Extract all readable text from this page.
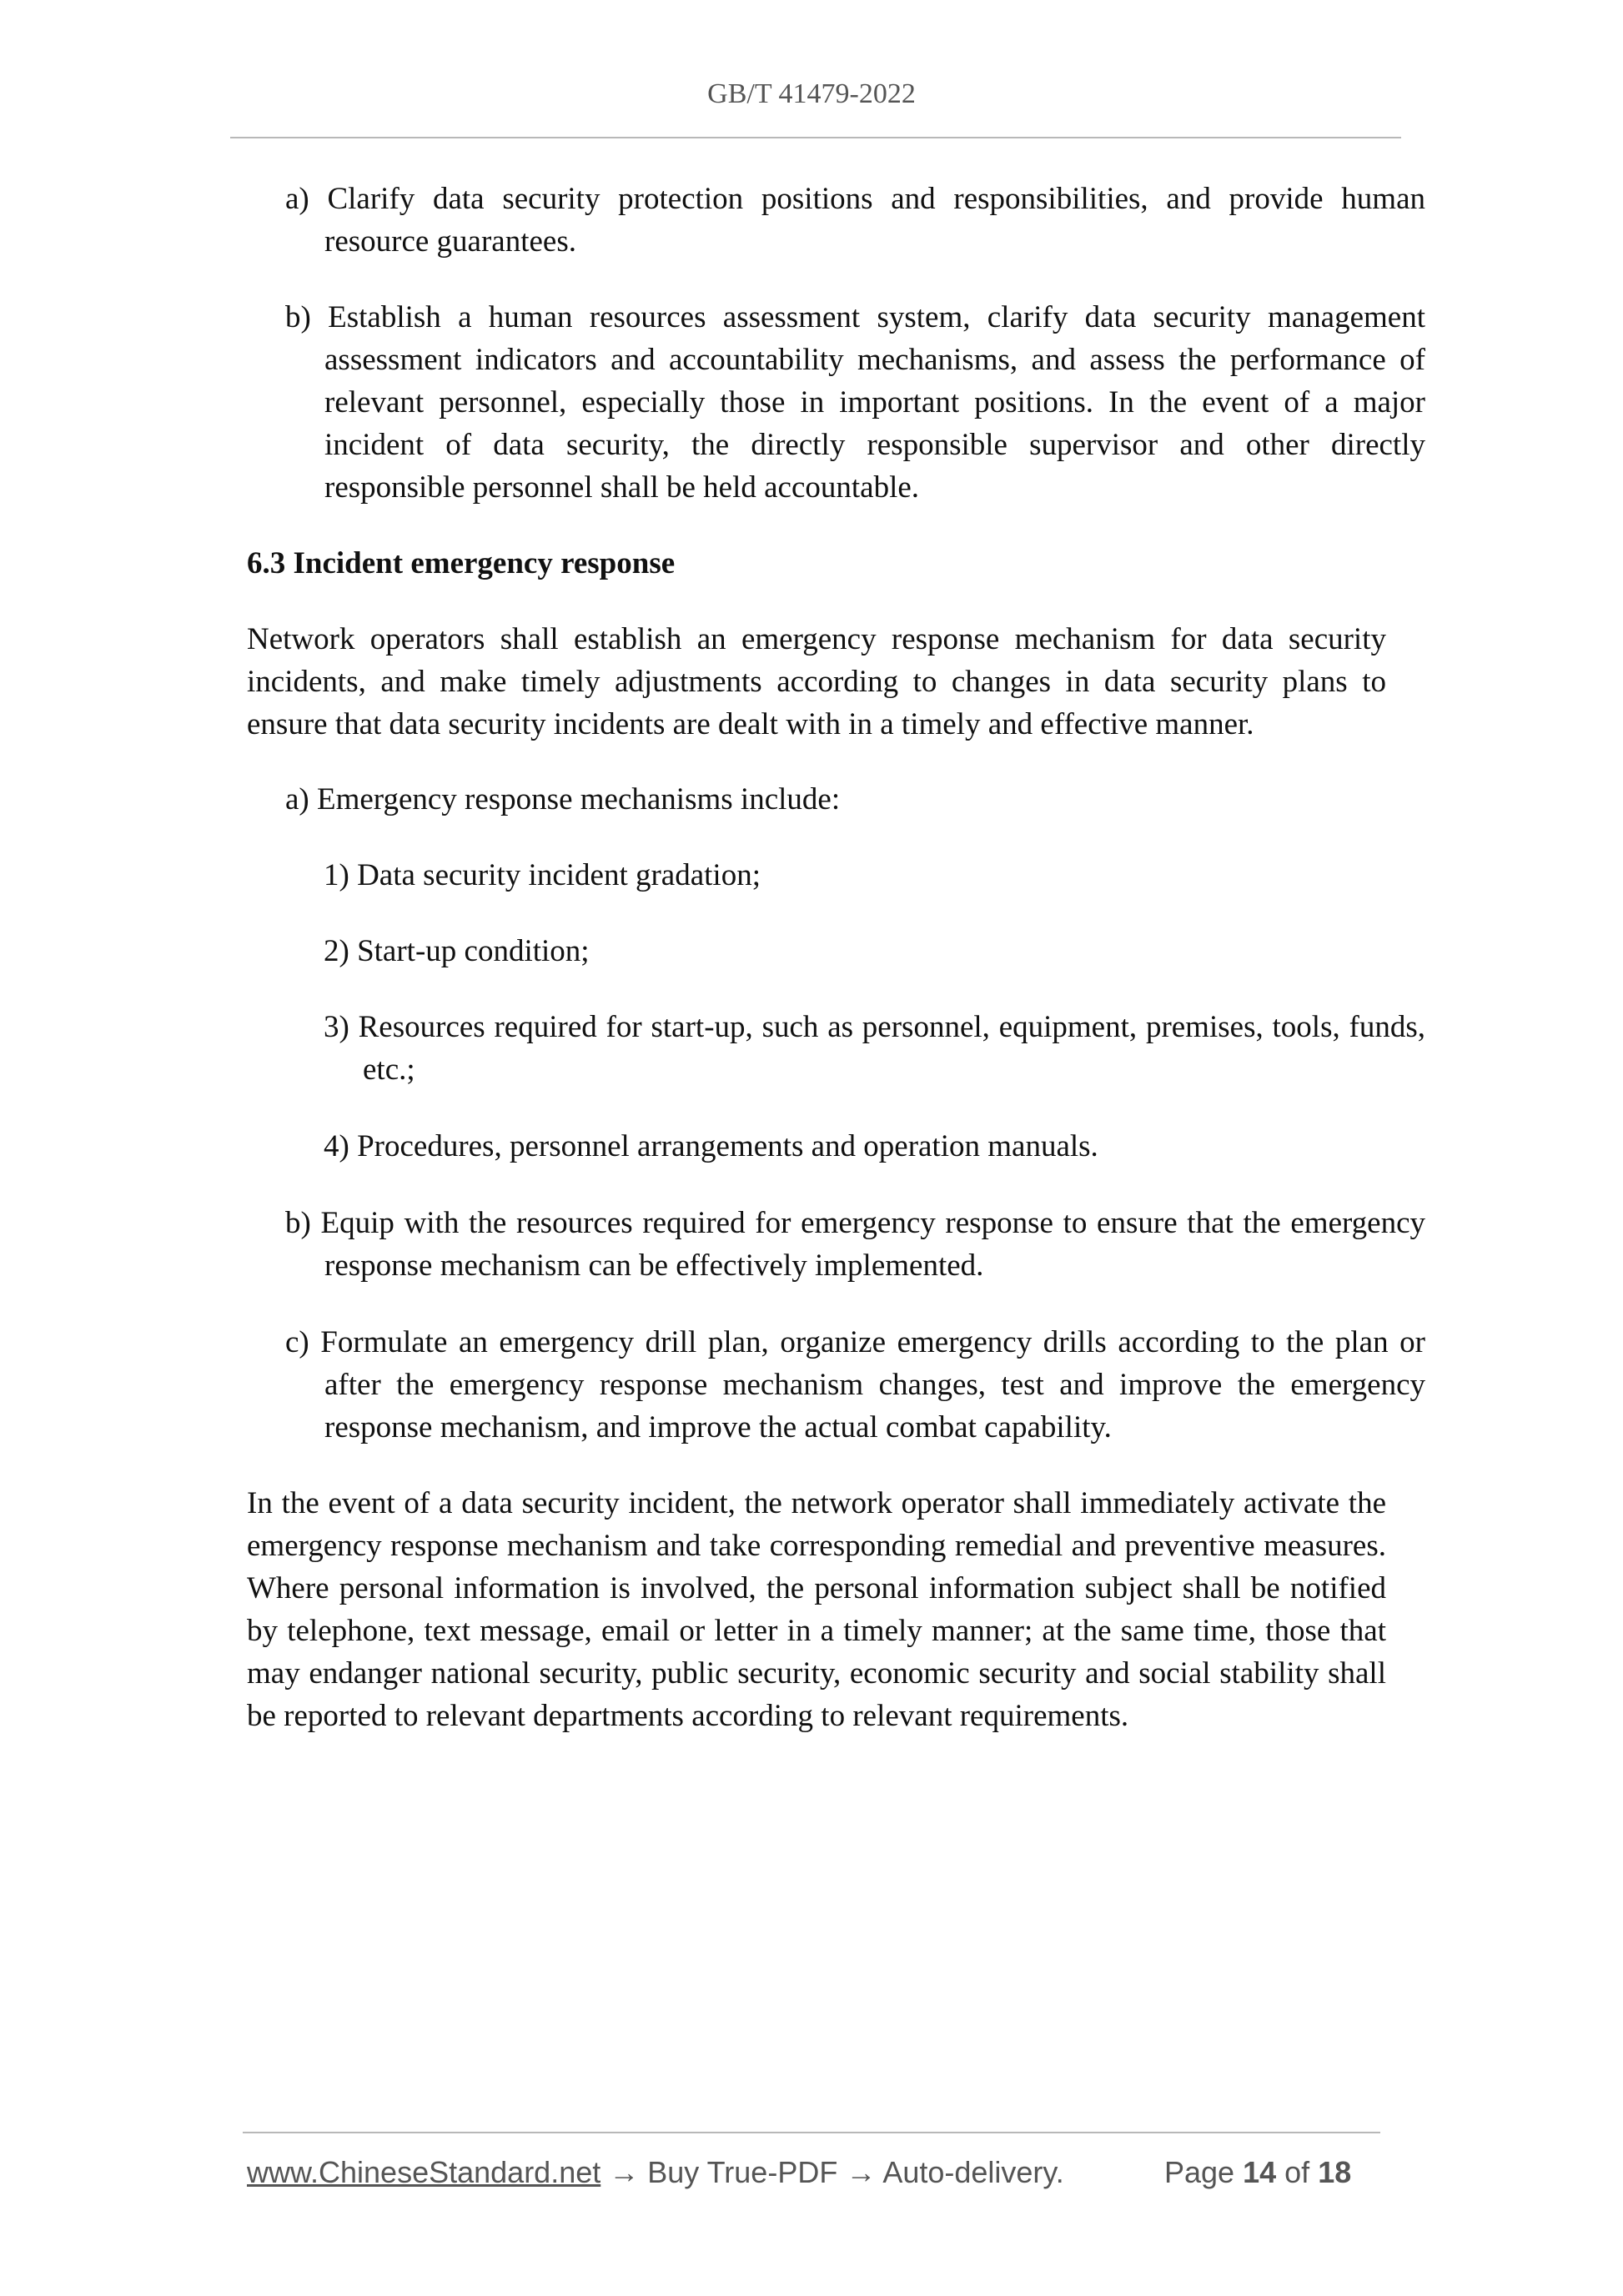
GB/T 41479-2022
a) Clarify data security protection positions and responsibilities, and provide human resource guarantees.
b) Establish a human resources assessment system, clarify data security management assessment indicators and accountability mechanisms, and assess the performance of relevant personnel, especially those in important positions. In the event of a major incident of data security, the directly responsible supervisor and other directly responsible personnel shall be held accountable.
6.3 Incident emergency response
Network operators shall establish an emergency response mechanism for data security incidents, and make timely adjustments according to changes in data security plans to ensure that data security incidents are dealt with in a timely and effective manner.
a) Emergency response mechanisms include:
1) Data security incident gradation;
2) Start-up condition;
3) Resources required for start-up, such as personnel, equipment, premises, tools, funds, etc.;
4) Procedures, personnel arrangements and operation manuals.
b) Equip with the resources required for emergency response to ensure that the emergency response mechanism can be effectively implemented.
c) Formulate an emergency drill plan, organize emergency drills according to the plan or after the emergency response mechanism changes, test and improve the emergency response mechanism, and improve the actual combat capability.
In the event of a data security incident, the network operator shall immediately activate the emergency response mechanism and take corresponding remedial and preventive measures. Where personal information is involved, the personal information subject shall be notified by telephone, text message, email or letter in a timely manner; at the same time, those that may endanger national security, public security, economic security and social stability shall be reported to relevant departments according to relevant requirements.
www.ChineseStandard.net → Buy True-PDF → Auto-delivery.	Page 14 of 18
